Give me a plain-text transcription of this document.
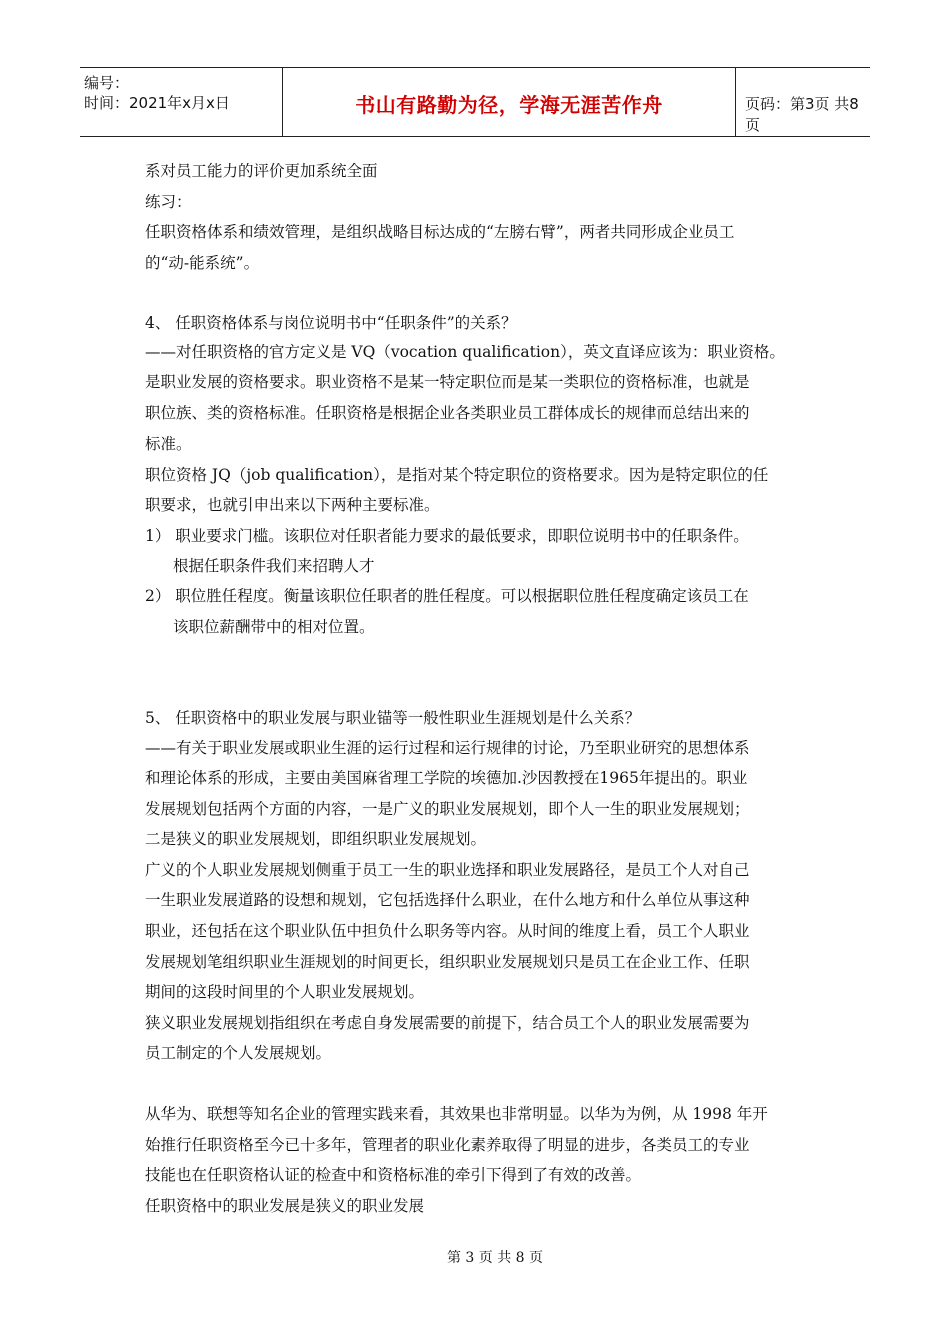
编号：
时间：2021年x月x日	书山有路勤为径，学海无涯苦作舟	页码：第3页 共8页
系对员工能力的评价更加系统全面
练习：
任职资格体系和绩效管理，是组织战略目标达成的“左膀右臂”，两者共同形成企业员工
的“动-能系统”。
4、 任职资格体系与岗位说明书中“任职条件”的关系？
——对任职资格的官方定义是 VQ（vocation qualification），英文直译应该为：职业资格。
是职业发展的资格要求。职业资格不是某一特定职位而是某一类职位的资格标准，也就是
职位族、类的资格标准。任职资格是根据企业各类职业员工群体成长的规律而总结出来的
标准。
职位资格 JQ（job qualification），是指对某个特定职位的资格要求。因为是特定职位的任
职要求，也就引申出来以下两种主要标准。
1） 职业要求门槛。该职位对任职者能力要求的最低要求，即职位说明书中的任职条件。
根据任职条件我们来招聘人才
2） 职位胜任程度。衡量该职位任职者的胜任程度。可以根据职位胜任程度确定该员工在
该职位薪酬带中的相对位置。
5、 任职资格中的职业发展与职业锚等一般性职业生涯规划是什么关系？
——有关于职业发展或职业生涯的运行过程和运行规律的讨论，乃至职业研究的思想体系
和理论体系的形成，主要由美国麻省理工学院的埃德加.沙因教授在1965年提出的。职业
发展规划包括两个方面的内容，一是广义的职业发展规划，即个人一生的职业发展规划；
二是狭义的职业发展规划，即组织职业发展规划。
广义的个人职业发展规划侧重于员工一生的职业选择和职业发展路径，是员工个人对自己
一生职业发展道路的设想和规划，它包括选择什么职业，在什么地方和什么单位从事这种
职业，还包括在这个职业队伍中担负什么职务等内容。从时间的维度上看，员工个人职业
发展规划笔组织职业生涯规划的时间更长，组织职业发展规划只是员工在企业工作、任职
期间的这段时间里的个人职业发展规划。
狭义职业发展规划指组织在考虑自身发展需要的前提下，结合员工个人的职业发展需要为
员工制定的个人发展规划。
从华为、联想等知名企业的管理实践来看，其效果也非常明显。以华为为例，从 1998 年开
始推行任职资格至今已十多年，管理者的职业化素养取得了明显的进步，各类员工的专业
技能也在任职资格认证的检查中和资格标准的牵引下得到了有效的改善。
任职资格中的职业发展是狭义的职业发展
第 3 页 共 8 页
